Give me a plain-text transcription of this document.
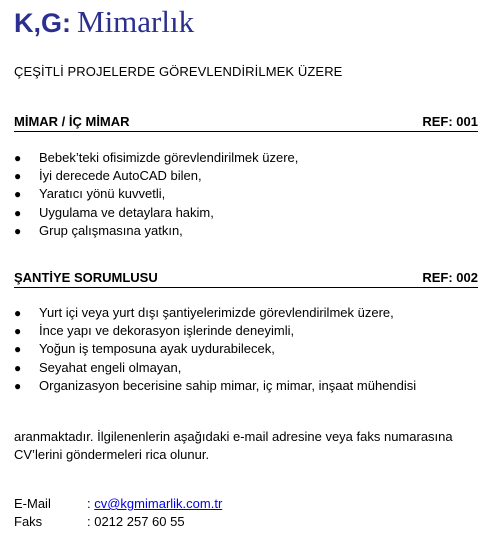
K,G: Mimarlık
ÇEŞİTLİ PROJELERDE GÖREVLENDİRİLMEK ÜZERE
MİMAR / İÇ MİMAR	REF: 001
●	Bebek’teki ofisimizde görevlendirilmek üzere,
●	İyi derecede AutoCAD bilen,
●	Yaratıcı yönü kuvvetli,
●	Uygulama ve detaylara hakim,
●	Grup çalışmasına yatkın,
ŞANTİYE SORUMLUSU	REF: 002
●	Yurt içi veya yurt dışı şantiyelerimizde görevlendirilmek üzere,
●	İnce yapı ve dekorasyon işlerinde deneyimli,
●	Yoğun iş temposuna ayak uydurabilecek,
●	Seyahat engeli olmayan,
●	Organizasyon becerisine sahip mimar, iç mimar, inşaat mühendisi
aranmaktadır. İlgilenenlerin aşağıdaki e-mail adresine veya faks numarasına CV’lerini göndermeleri rica olunur.
E-Mail	: cv@kgmimarlik.com.tr
Faks	: 0212 257 60 55
